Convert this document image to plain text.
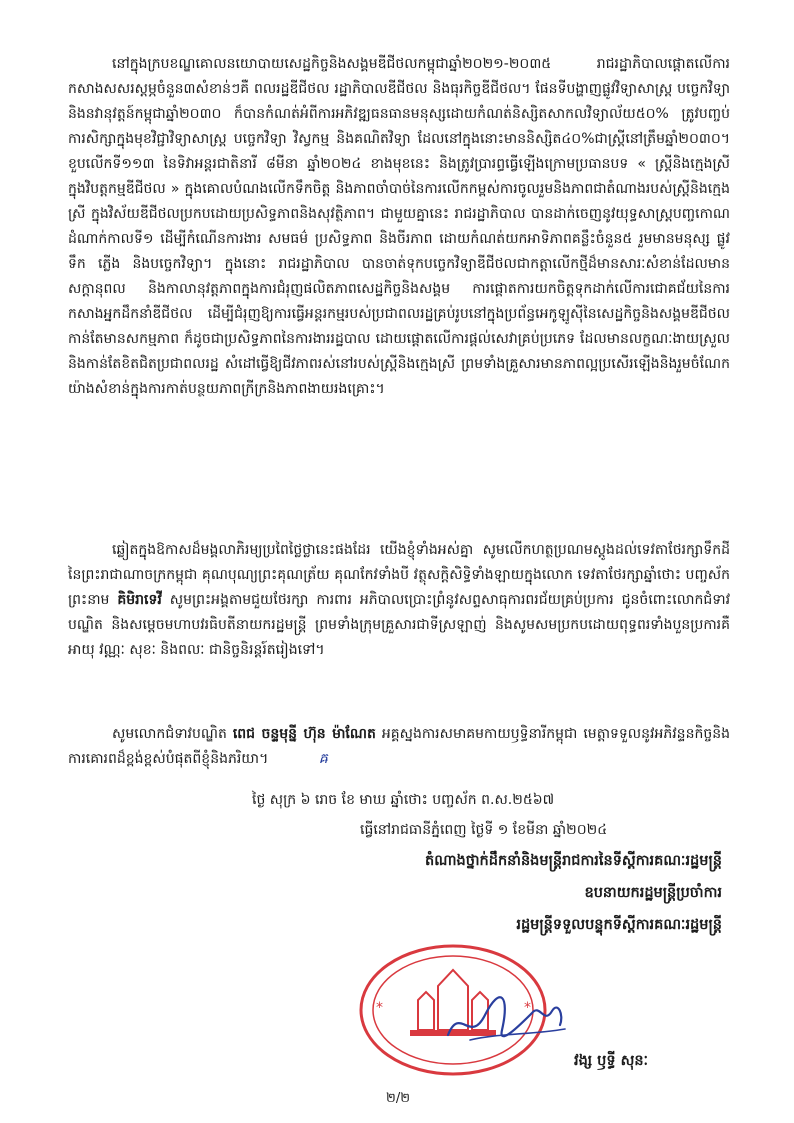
នៅក្នុងក្របខណ្ឌគោលនយោបាយសេដ្ឋកិច្ចនិងសង្គមឌីជីថលកម្ពុជាឆ្នាំ២០២១-២០៣៥ រាជរដ្ឋាភិបាលផ្តោតលើការកសាងសសរស្តម្ភចំនួន៣សំខាន់ៗគឺ ពលរដ្ឋឌីជីថល រដ្ឋាភិបាលឌីជីថល និងធុរកិច្ចឌីជីថល។ ផែនទីបង្ហាញផ្លូវវិទ្យាសាស្ត្រ បច្ចេកវិទ្យា និងនវានុវត្តន៍កម្ពុជាឆ្នាំ២០៣០ ក៏បានកំណត់អំពីការអភិវឌ្ឍធនធានមនុស្សដោយកំណត់និស្សិតសាកលវិទ្យាល័យ៥០% ត្រូវបញ្ចប់ការសិក្សាក្នុងមុខវិជ្ជាវិទ្យាសាស្ត្រ បច្ចេកវិទ្យា វិស្វកម្ម និងគណិតវិទ្យា ដែលនៅក្នុងនោះមាននិស្សិត៤០%ជាស្ត្រីនៅត្រឹមឆ្នាំ២០៣០។ ខួបលើកទី១១៣ នៃទិវាអន្តរជាតិនារី ៨មីនា ឆ្នាំ២០២៤ ខាងមុខនេះ និងត្រូវប្រារព្ធធ្វើឡើងក្រោមប្រធានបទ « ស្ត្រីនិងក្មេងស្រីក្នុងវិបត្តកម្មឌីជីថល » ក្នុងគោលបំណងលើកទឹកចិត្ត និងភាពចាំបាច់នៃការលើកកម្ពស់ការចូលរួមនិងភាពជាតំណាងរបស់ស្ត្រីនិងក្មេងស្រី ក្នុងវិស័យឌីជីថលប្រកបដោយប្រសិទ្ធភាពនិងសុវត្ថិភាព។ ជាមួយគ្នានេះ រាជរដ្ឋាភិបាល បានដាក់ចេញនូវយុទ្ធសាស្ត្របញ្ចកោណ ដំណាក់កាលទី១ ដើម្បីកំណើនការងារ សមធម៌ ប្រសិទ្ធភាព និងចីរភាព ដោយកំណត់យកអាទិភាពគន្លឹះចំនួន៥ រួមមានមនុស្ស ផ្លូវ ទឹក ភ្លើង និងបច្ចេកវិទ្យា។ ក្នុងនោះ រាជរដ្ឋាភិបាល បានចាត់ទុកបច្ចេកវិទ្យាឌីជីថលជាកត្តាលើកថ្មីដ៏មានសារៈសំខាន់ដែលមានសក្តានុពល និងកាលានុវត្តភាពក្នុងការជំរុញផលិតភាពសេដ្ឋកិច្ចនិងសង្គម ការផ្តោតការយកចិត្តទុកដាក់លើការជោគជ័យនៃការកសាងអ្នកដឹកនាំឌីជីថល ដើម្បីជំរុញឱ្យការធ្វើអន្តរកម្មរបស់ប្រជាពលរដ្ឋគ្រប់រូបនៅក្នុងប្រព័ន្ធអេកូឡូស៊ីនៃសេដ្ឋកិច្ចនិងសង្គមឌីជីថលកាន់តែមានសកម្មភាព ក៏ដូចជាប្រសិទ្ធភាពនៃការងាររដ្ឋបាល ដោយផ្តោតលើការផ្តល់សេវាគ្រប់ប្រភេទ ដែលមានលក្ខណៈងាយស្រួលនិងកាន់តែខិតជិតប្រជាពលរដ្ឋ សំដៅធ្វើឱ្យជីវភាពរស់នៅរបស់ស្ត្រីនិងក្មេងស្រី ព្រមទាំងគ្រួសារមានភាពល្អប្រសើរឡើងនិងរួមចំណែកយ៉ាងសំខាន់ក្នុងការកាត់បន្ថយភាពក្រីក្រនិងភាពងាយរងគ្រោះ។

ឆ្លៀតក្នុងឱកាសដ៏មង្គលាភិរម្យប្រពៃថ្លៃថ្លានេះផងដែរ យើងខ្ញុំទាំងអស់គ្នា សូមលើកហត្ថប្រណមស្ដូងដល់ទេវតាថែរក្សាទឹកដីនៃព្រះរាជាណាចក្រកម្ពុជា គុណបុណ្យព្រះគុណត្រ័យ គុណកែវទាំងបី វត្ថុសក្តិសិទ្ធិទាំងឡាយក្នុងលោក ទេវតាថែរក្សាឆ្នាំថោះ បញ្ចស័ក ព្រះនាម គិមិរាទេវី សូមព្រះអង្គតាមជួយថែរក្សា ការពារ អភិបាលប្រោះព្រំនូវសព្ទសាធុការពរជ័យគ្រប់ប្រការ ជូនចំពោះលោកជំទាវបណ្ឌិត និងសម្តេចមហាបវរធិបតីនាយករដ្ឋមន្ត្រី ព្រមទាំងក្រុមគ្រួសារជាទីស្រឡាញ់ និងសូមសមប្រកបដោយពុទ្ធពរទាំងបួនប្រការគឺ អាយុ វណ្ណៈ សុខៈ និងពលៈ ជានិច្ចនិរន្តរ៍តរៀងទៅ។

សូមលោកជំទាវបណ្ឌិត ពេជ ចន្ទមុន្នី ហ៊ុន ម៉ាណែត អគ្គស្នងការសមាគមកាយឫទ្ធិនារីកម្ពុជា មេត្តាទទួលនូវអភិវន្ទនកិច្ចនិងការគោរពដ៏ខ្ពង់ខ្ពស់បំផុតពីខ្ញុំនិងភរិយា។	ឝ

ថ្ងៃ សុក្រ ៦ រោច ខែ មាឃ ឆ្នាំថោះ បញ្ចស័ក ព.ស.២៥៦៧
ធ្វើនៅរាជធានីភ្នំពេញ ថ្ងៃទី ១ ខែមីនា ឆ្នាំ២០២៤
តំណាងថ្នាក់ដឹកនាំនិងមន្ត្រីរាជការនៃទីស្តីការគណៈរដ្ឋមន្ត្រី
ឧបនាយករដ្ឋមន្ត្រីប្រចាំការ
រដ្ឋមន្ត្រីទទួលបន្ទុកទីស្តីការគណៈរដ្ឋមន្ត្រី
*	*
វង្ស ឫទ្ធី សុនៈ
២/២
